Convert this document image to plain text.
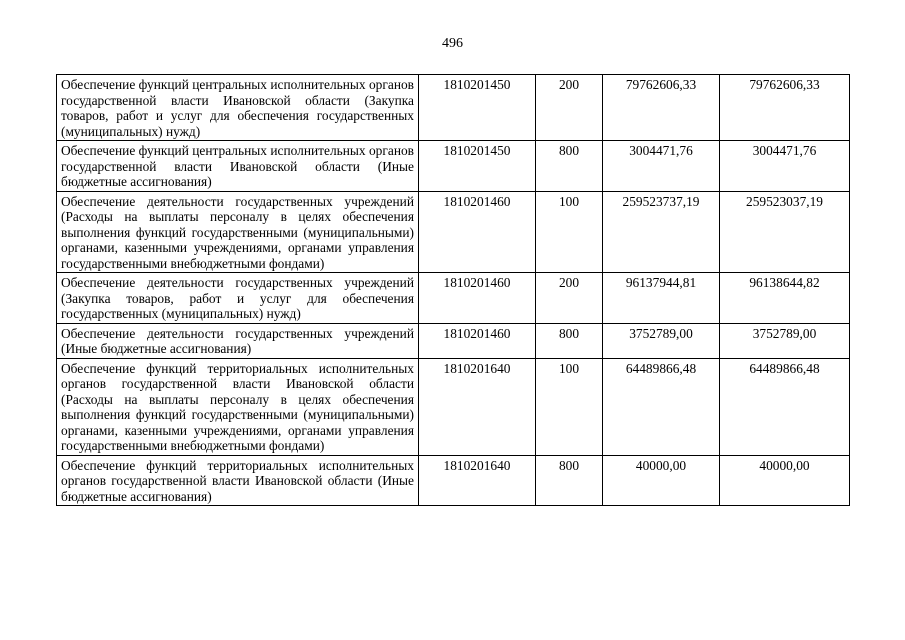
496
Обеспечение функций центральных исполнительных органов государственной власти Ивановской области (Закупка товаров, работ и услуг для обеспечения государственных (муниципальных) нужд)	1810201450	200	79762606,33	79762606,33
Обеспечение функций центральных исполнительных органов государственной власти Ивановской области (Иные бюджетные ассигнования)	1810201450	800	3004471,76	3004471,76
Обеспечение деятельности государственных учреждений (Расходы на выплаты персоналу в целях обеспечения выполнения функций государственными (муниципальными) органами, казенными учреждениями, органами управления государственными внебюджетными фондами)	1810201460	100	259523737,19	259523037,19
Обеспечение деятельности государственных учреждений (Закупка товаров, работ и услуг для обеспечения государственных (муниципальных) нужд)	1810201460	200	96137944,81	96138644,82
Обеспечение деятельности государственных учреждений (Иные бюджетные ассигнования)	1810201460	800	3752789,00	3752789,00
Обеспечение функций территориальных исполнительных органов государственной власти Ивановской области (Расходы на выплаты персоналу в целях обеспечения выполнения функций государственными (муниципальными) органами, казенными учреждениями, органами управления государственными внебюджетными фондами)	1810201640	100	64489866,48	64489866,48
Обеспечение функций территориальных исполнительных органов государственной власти Ивановской области (Иные бюджетные ассигнования)	1810201640	800	40000,00	40000,00
